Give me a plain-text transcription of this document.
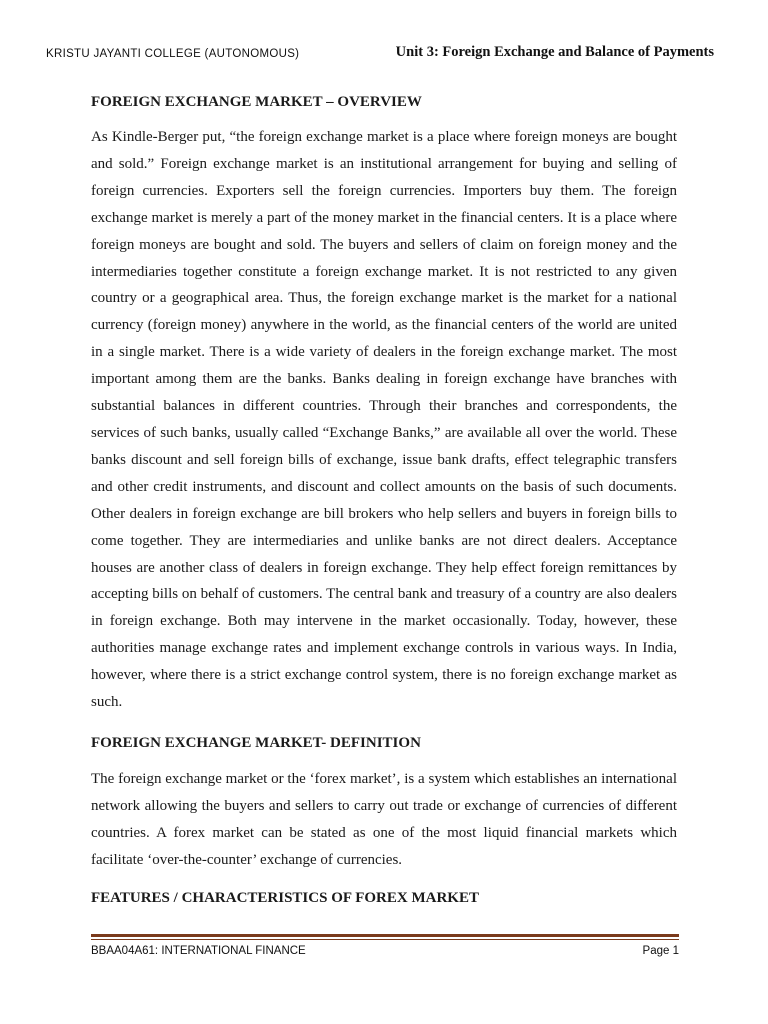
KRISTU JAYANTI COLLEGE (AUTONOMOUS)	Unit 3: Foreign Exchange and Balance of Payments
FOREIGN EXCHANGE MARKET – OVERVIEW

As Kindle-Berger put, “the foreign exchange market is a place where foreign moneys are bought and sold.” Foreign exchange market is an institutional arrangement for buying and selling of foreign currencies. Exporters sell the foreign currencies. Importers buy them. The foreign exchange market is merely a part of the money market in the financial centers. It is a place where foreign moneys are bought and sold. The buyers and sellers of claim on foreign money and the intermediaries together constitute a foreign exchange market. It is not restricted to any given country or a geographical area. Thus, the foreign exchange market is the market for a national currency (foreign money) anywhere in the world, as the financial centers of the world are united in a single market. There is a wide variety of dealers in the foreign exchange market. The most important among them are the banks. Banks dealing in foreign exchange have branches with substantial balances in different countries. Through their branches and correspondents, the services of such banks, usually called “Exchange Banks,” are available all over the world. These banks discount and sell foreign bills of exchange, issue bank drafts, effect telegraphic transfers and other credit instruments, and discount and collect amounts on the basis of such documents. Other dealers in foreign exchange are bill brokers who help sellers and buyers in foreign bills to come together. They are intermediaries and unlike banks are not direct dealers. Acceptance houses are another class of dealers in foreign exchange. They help effect foreign remittances by accepting bills on behalf of customers. The central bank and treasury of a country are also dealers in foreign exchange. Both may intervene in the market occasionally. Today, however, these authorities manage exchange rates and implement exchange controls in various ways. In India, however, where there is a strict exchange control system, there is no foreign exchange market as such.

FOREIGN EXCHANGE MARKET- DEFINITION

The foreign exchange market or the ‘forex market’, is a system which establishes an international network allowing the buyers and sellers to carry out trade or exchange of currencies of different countries. A forex market can be stated as one of the most liquid financial markets which facilitate ‘over-the-counter’ exchange of currencies.

FEATURES / CHARACTERISTICS OF FOREX MARKET
BBAA04A61: INTERNATIONAL FINANCE	Page 1
